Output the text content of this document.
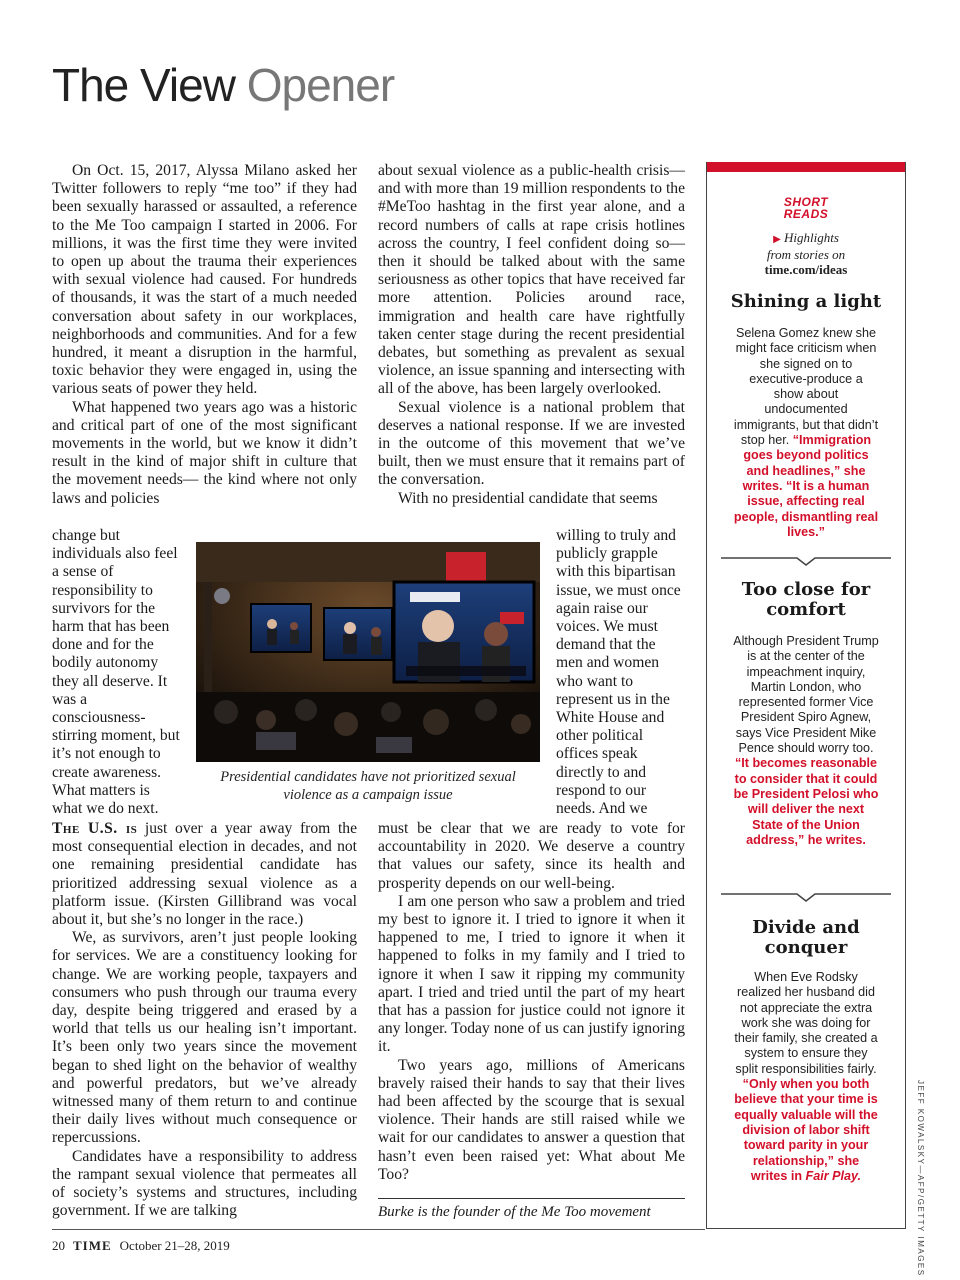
The View Opener

On Oct. 15, 2017, Alyssa Milano asked her Twitter followers to reply “me too” if they had been sexually harassed or assaulted, a reference to the Me Too campaign I started in 2006. For millions, it was the first time they were invited to open up about the trauma their experiences with sexual violence had caused. For hundreds of thousands, it was the start of a much needed conversation about safety in our workplaces, neighborhoods and communities. And for a few hundred, it meant a disruption in the harmful, toxic behavior they were engaged in, using the various seats of power they held.

What happened two years ago was a historic and critical part of one of the most significant movements in the world, but we know it didn’t result in the kind of major shift in culture that the movement needs— the kind where not only laws and policies

change but individuals also feel a sense of responsibility to survivors for the harm that has been done and for the bodily autonomy they all deserve. It was a consciousness-stirring moment, but it’s not enough to create awareness. What matters is what we do next.

The U.S. is just over a year away from the most consequential election in decades, and not one remaining presidential candidate has prioritized addressing sexual violence as a platform issue. (Kirsten Gillibrand was vocal about it, but she’s no longer in the race.)

We, as survivors, aren’t just people looking for services. We are a constituency looking for change. We are working people, taxpayers and consumers who push through our trauma every day, despite being triggered and erased by a world that tells us our healing isn’t important. It’s been only two years since the movement began to shed light on the behavior of wealthy and powerful predators, but we’ve already witnessed many of them return to and continue their daily lives without much consequence or repercussions.

Candidates have a responsibility to address the rampant sexual violence that permeates all of society’s systems and structures, including government. If we are talking

about sexual violence as a public-health crisis—and with more than 19 million respondents to the #MeToo hashtag in the first year alone, and a record numbers of calls at rape crisis hotlines across the country, I feel confident doing so—then it should be talked about with the same seriousness as other topics that have received far more attention. Policies around race, immigration and health care have rightfully taken center stage during the recent presidential debates, but something as prevalent as sexual violence, an issue spanning and intersecting with all of the above, has been largely overlooked.

Sexual violence is a national problem that deserves a national response. If we are invested in the outcome of this movement that we’ve built, then we must ensure that it remains part of the conversation.

With no presidential candidate that seems

willing to truly and publicly grapple with this bipartisan issue, we must once again raise our voices. We must demand that the men and women who want to represent us in the White House and other political offices speak directly to and respond to our needs. And we

must be clear that we are ready to vote for accountability in 2020. We deserve a country that values our safety, since its health and prosperity depends on our well-being.

I am one person who saw a problem and tried my best to ignore it. I tried to ignore it when it happened to me, I tried to ignore it when it happened to folks in my family and I tried to ignore it when I saw it ripping my community apart. I tried and tried until the part of my heart that has a passion for justice could not ignore it any longer. Today none of us can justify ignoring it.

Two years ago, millions of Americans bravely raised their hands to say that their lives had been affected by the scourge that is sexual violence. Their hands are still raised while we wait for our candidates to answer a question that hasn’t even been raised yet: What about Me Too?

Presidential candidates have not prioritized sexual violence as a campaign issue
Burke is the founder of the Me Too movement
20 TIME October 21–28, 2019
SHORT
READS
▶ Highlights
from stories on
time.com/ideas
Shining a light
Selena Gomez knew she might face criticism when she signed on to executive-produce a show about undocumented immigrants, but that didn’t stop her. “Immigration goes beyond politics and headlines,” she writes. “It is a human issue, affecting real people, dismantling real lives.”
Too close for comfort
Although President Trump is at the center of the impeachment inquiry, Martin London, who represented former Vice President Spiro Agnew, says Vice President Mike Pence should worry too. “It becomes reasonable to consider that it could be President Pelosi who will deliver the next State of the Union address,” he writes.
Divide and conquer
When Eve Rodsky realized her husband did not appreciate the extra work she was doing for their family, she created a system to ensure they split responsibilities fairly. “Only when you both believe that your time is equally valuable will the division of labor shift toward parity in your relationship,” she writes in Fair Play.	JEFF KOWALSKY—AFP/GETTY IMAGES
